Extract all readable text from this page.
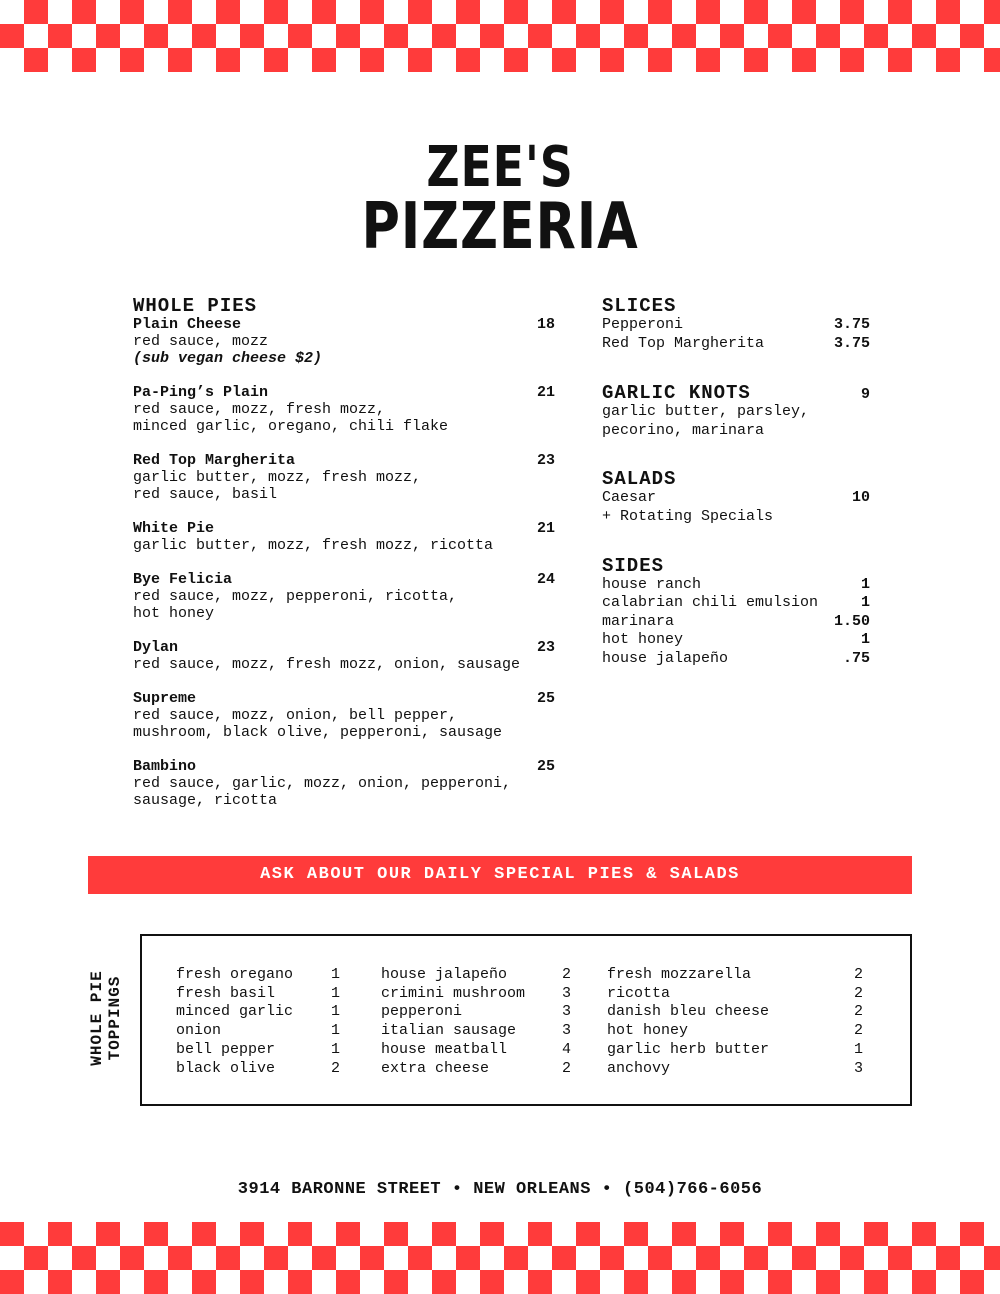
ZEE'S
PIZZERIA
WHOLE PIES
Plain Cheese	18
red sauce, mozz
(sub vegan cheese $2)
Pa-Ping’s Plain	21
red sauce, mozz, fresh mozz,
minced garlic, oregano, chili flake
Red Top Margherita	23
garlic butter, mozz, fresh mozz,
red sauce, basil
White Pie	21
garlic butter, mozz, fresh mozz, ricotta
Bye Felicia	24
red sauce, mozz, pepperoni, ricotta,
hot honey
Dylan	23
red sauce, mozz, fresh mozz, onion, sausage
Supreme	25
red sauce, mozz, onion, bell pepper,
mushroom, black olive, pepperoni, sausage
Bambino	25
red sauce, garlic, mozz, onion, pepperoni,
sausage, ricotta
SLICES
Pepperoni	3.75
Red Top Margherita	3.75
GARLIC KNOTS	9
garlic butter, parsley,
pecorino, marinara
SALADS
Caesar	10
+ Rotating Specials
SIDES
house ranch	1
calabrian chili emulsion	1
marinara	1.50
hot honey	1
house jalapeño	.75
ASK ABOUT OUR DAILY SPECIAL PIES & SALADS
WHOLE PIE TOPPINGS
fresh oregano	1
fresh basil	1
minced garlic	1
onion	1
bell pepper	1
black olive	2
house jalapeño	2
crimini mushroom 3
pepperoni	3
italian sausage	3
house meatball	4
extra cheese	2
fresh mozzarella	2
ricotta	2
danish bleu cheese	2
hot honey	2
garlic herb butter	1
anchovy	3
3914 BARONNE STREET • NEW ORLEANS • (504)766-6056
